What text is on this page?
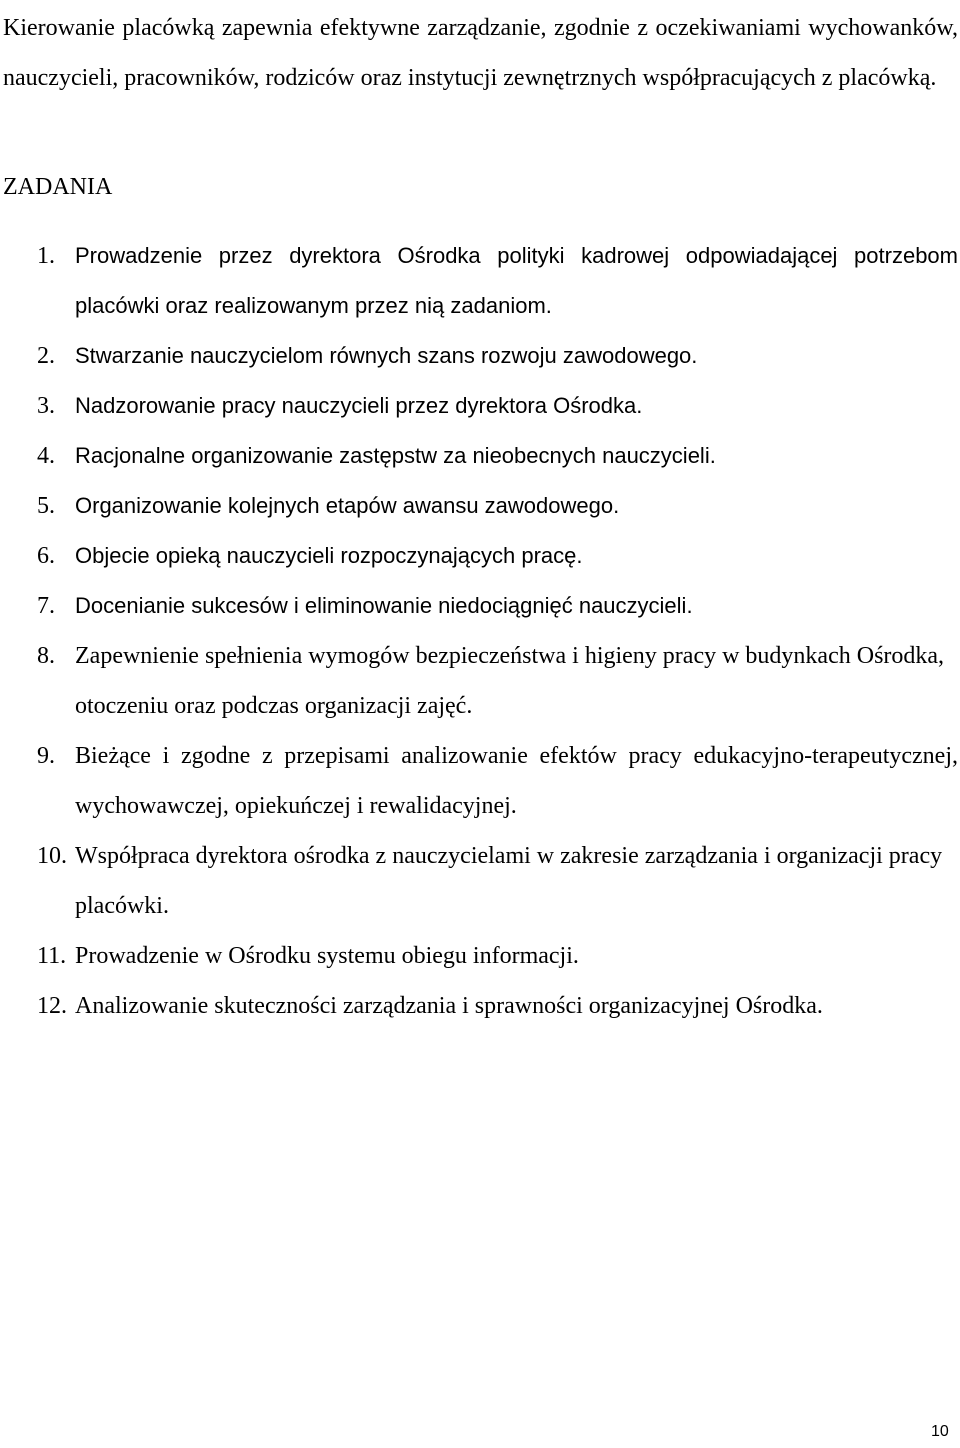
Kierowanie placówką zapewnia efektywne zarządzanie, zgodnie z oczekiwaniami wychowanków, nauczycieli, pracowników, rodziców oraz instytucji zewnętrznych współpracujących z placówką.

ZADANIA
1. Prowadzenie przez dyrektora Ośrodka polityki kadrowej odpowiadającej potrzebom placówki oraz realizowanym przez nią zadaniom.
2. Stwarzanie nauczycielom równych szans rozwoju zawodowego.
3. Nadzorowanie pracy nauczycieli przez dyrektora Ośrodka.
4. Racjonalne organizowanie zastępstw za nieobecnych nauczycieli.
5. Organizowanie kolejnych etapów awansu zawodowego.
6. Objecie opieką nauczycieli rozpoczynających pracę.
7. Docenianie sukcesów i eliminowanie niedociągnięć nauczycieli.
8. Zapewnienie spełnienia wymogów bezpieczeństwa i higieny pracy w budynkach Ośrodka, otoczeniu oraz podczas organizacji zajęć.
9. Bieżące i zgodne z przepisami analizowanie efektów pracy edukacyjno-terapeutycznej, wychowawczej, opiekuńczej i rewalidacyjnej.
10. Współpraca dyrektora ośrodka z nauczycielami w zakresie zarządzania i organizacji pracy placówki.
11. Prowadzenie w Ośrodku systemu obiegu informacji.
12. Analizowanie skuteczności zarządzania i sprawności organizacyjnej Ośrodka.
10
